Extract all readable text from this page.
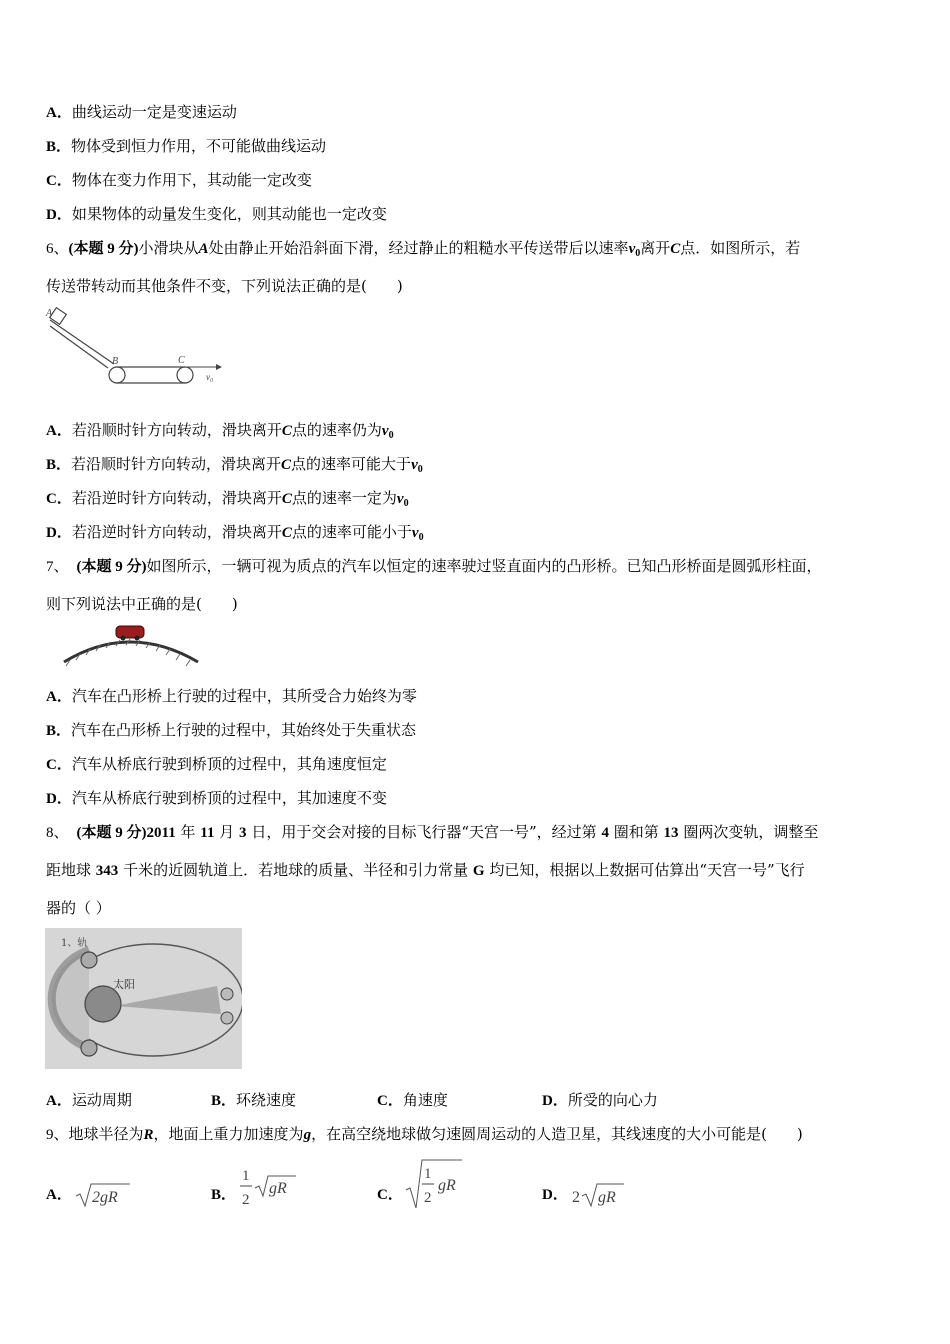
A．曲线运动一定是变速运动
B．物体受到恒力作用，不可能做曲线运动
C．物体在变力作用下，其动能一定改变
D．如果物体的动量发生变化，则其动能也一定改变
6、(本题 9 分)小滑块从A处由静止开始沿斜面下滑，经过静止的粗糙水平传送带后以速率$v_0$离开C点．如图所示，若
传送带转动而其他条件不变，下列说法正确的是(　　)
A
B	C
v₀
A．若沿顺时针方向转动，滑块离开C点的速率仍为$v_0$
B．若沿顺时针方向转动，滑块离开C点的速率可能大于$v_0$
C．若沿逆时针方向转动，滑块离开C点的速率一定为$v_0$
D．若沿逆时针方向转动，滑块离开C点的速率可能小于$v_0$
7、 (本题 9 分)如图所示，一辆可视为质点的汽车以恒定的速率驶过竖直面内的凸形桥。已知凸形桥面是圆弧形柱面，
则下列说法中正确的是(　　)
A．汽车在凸形桥上行驶的过程中，其所受合力始终为零
B．汽车在凸形桥上行驶的过程中，其始终处于失重状态
C．汽车从桥底行驶到桥顶的过程中，其角速度恒定
D．汽车从桥底行驶到桥顶的过程中，其加速度不变
8、 (本题 9 分)2011 年 11 月 3 日，用于交会对接的目标飞行器“天宫一号”，经过第 4 圈和第 13 圈两次变轨，调整至
距地球 343 千米的近圆轨道上．若地球的质量、半径和引力常量 G 均已知，根据以上数据可估算出“天宫一号”飞行
器的（ ）
1、轨
太阳
A．运动周期	B．环绕速度	C．角速度	D．所受的向心力
9、地球半径为R，地面上重力加速度为g，在高空绕地球做匀速圆周运动的人造卫星，其线速度的大小可能是(　　)
A． 2gR	B．
1
2
gR	C．
1
2
gR
D． 2 gR
